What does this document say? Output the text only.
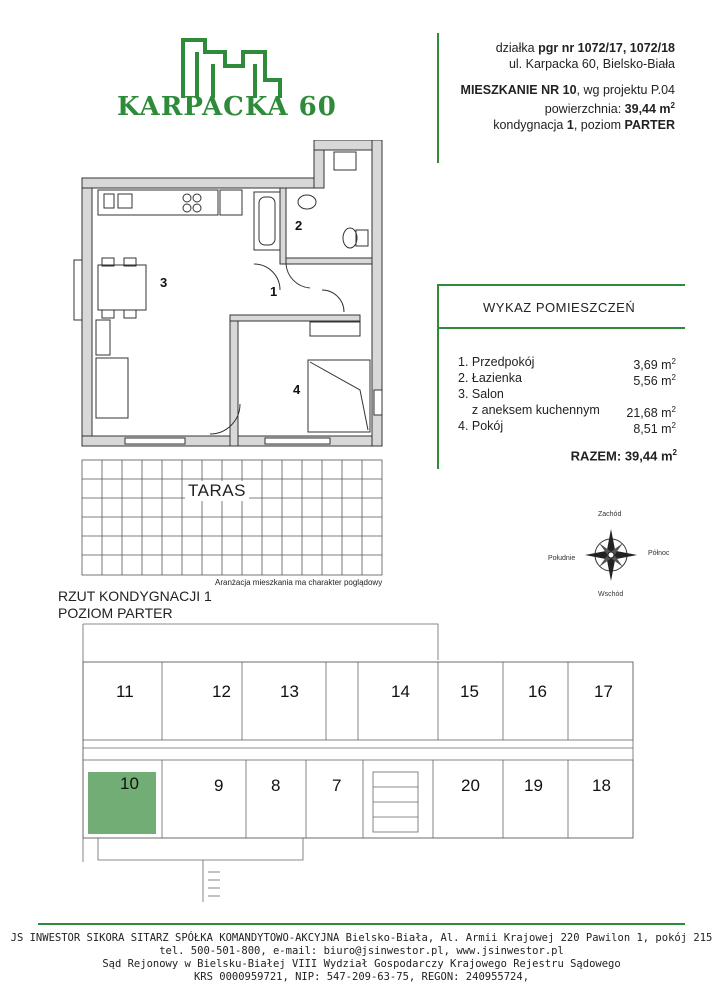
KARPACKA 60
działka pgr nr 1072/17, 1072/18
ul. Karpacka 60, Bielsko-Biała
MIESZKANIE NR 10, wg projektu P.04
powierzchnia: 39,44 $m^2$
kondygnacja 1, poziom PARTER
WYKAZ POMIESZCZEŃ
1. Przedpokój	3,69 $m^2$
2. Łazienka	5,56 $m^2$
3. Salon
z aneksem kuchennym 21,68 $m^2$
4. Pokój	8,51 $m^2$
RAZEM: 39,44 $m^2$
Zachód
Wschód
Południe
Północ
1
2
3
4
TARAS
Aranżacja mieszkania ma charakter poglądowy
RZUT KONDYGNACJI 1
POZIOM PARTER
11	12	13	14	15	16	17
10	9	8	7	20	19	18
JS INWESTOR SIKORA SITARZ SPÓŁKA KOMANDYTOWO-AKCYJNA Bielsko-Biała, Al. Armii Krajowej 220 Pawilon 1, pokój 215
tel. 500-501-800, e-mail: biuro@jsinwestor.pl, www.jsinwestor.pl
Sąd Rejonowy w Bielsku-Białej VIII Wydział Gospodarczy Krajowego Rejestru Sądowego
KRS 0000959721, NIP: 547-209-63-75, REGON: 240955724,
